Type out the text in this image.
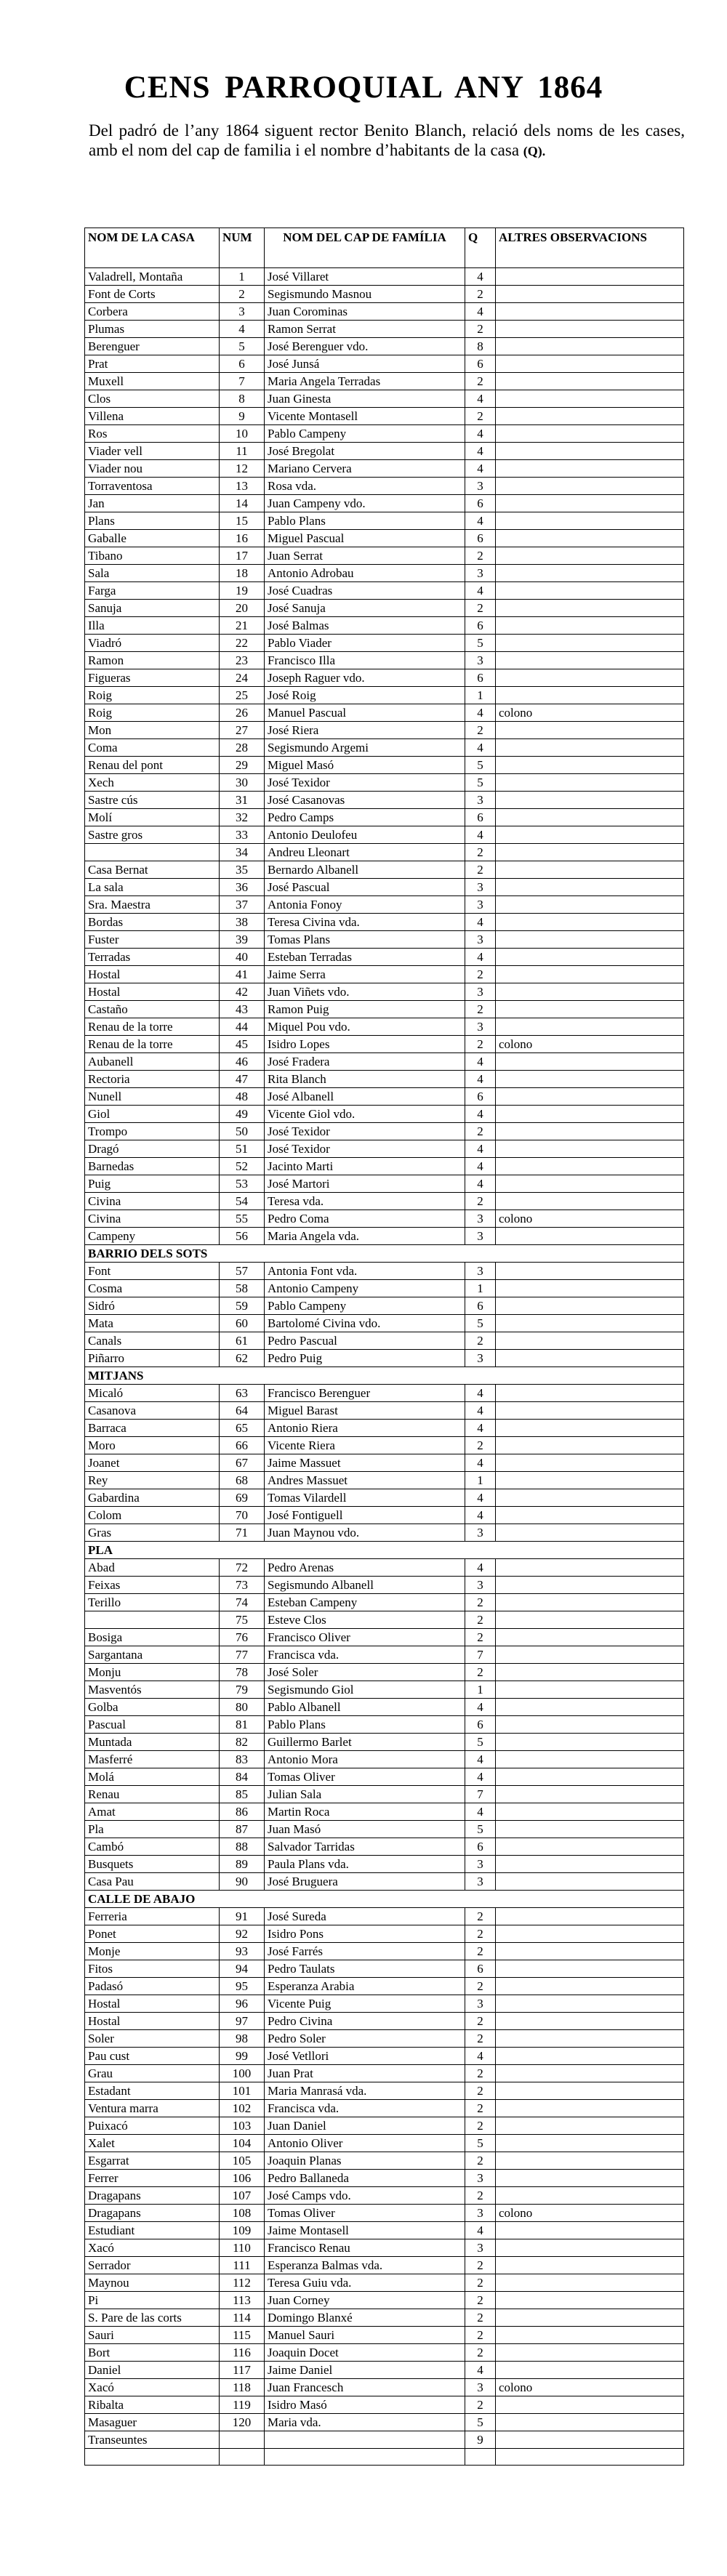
CENS PARROQUIAL ANY 1864

Del padró de l’any 1864 siguent rector Benito Blanch, relació dels noms de les cases, amb el nom del cap de familia i el nombre d’habitants de la casa (Q).

NOM DE LA CASA	NUM	NOM DEL CAP DE FAMÍLIA	Q	ALTRES OBSERVACIONS
Valadrell, Montaña	1	José Villaret	4	
Font de Corts	2	Segismundo Masnou	2	
Corbera	3	Juan Corominas	4	
Plumas	4	Ramon Serrat	2	
Berenguer	5	José Berenguer vdo.	8	
Prat	6	José Junsá	6	
Muxell	7	Maria Angela Terradas	2	
Clos	8	Juan Ginesta	4	
Villena	9	Vicente Montasell	2	
Ros	10	Pablo Campeny	4	
Viader vell	11	José Bregolat	4	
Viader nou	12	Mariano Cervera	4	
Torraventosa	13	Rosa vda.	3	
Jan	14	Juan Campeny vdo.	6	
Plans	15	Pablo Plans	4	
Gaballe	16	Miguel Pascual	6	
Tibano	17	Juan Serrat	2	
Sala	18	Antonio Adrobau	3	
Farga	19	José Cuadras	4	
Sanuja	20	José Sanuja	2	
Illa	21	José Balmas	6	
Viadró	22	Pablo Viader	5	
Ramon	23	Francisco Illa	3	
Figueras	24	Joseph Raguer vdo.	6	
Roig	25	José Roig	1	
Roig	26	Manuel Pascual	4	colono
Mon	27	José Riera	2	
Coma	28	Segismundo Argemi	4	
Renau del pont	29	Miguel Masó	5	
Xech	30	José Texidor	5	
Sastre cús	31	José Casanovas	3	
Molí	32	Pedro Camps	6	
Sastre gros	33	Antonio Deulofeu	4	
	34	Andreu Lleonart	2	
Casa Bernat	35	Bernardo Albanell	2	
La sala	36	José Pascual	3	
Sra. Maestra	37	Antonia Fonoy	3	
Bordas	38	Teresa Civina vda.	4	
Fuster	39	Tomas Plans	3	
Terradas	40	Esteban Terradas	4	
Hostal	41	Jaime Serra	2	
Hostal	42	Juan Viñets vdo.	3	
Castaño	43	Ramon Puig	2	
Renau de la torre	44	Miquel Pou vdo.	3	
Renau de la torre	45	Isidro Lopes	2	colono
Aubanell	46	José Fradera	4	
Rectoria	47	Rita Blanch	4	
Nunell	48	José Albanell	6	
Giol	49	Vicente Giol vdo.	4	
Trompo	50	José Texidor	2	
Dragó	51	José Texidor	4	
Barnedas	52	Jacinto Marti	4	
Puig	53	José Martori	4	
Civina	54	Teresa vda.	2	
Civina	55	Pedro Coma	3	colono
Campeny	56	Maria Angela vda.	3	
BARRIO DELS SOTS				
Font	57	Antonia Font vda.	3	
Cosma	58	Antonio Campeny	1	
Sidró	59	Pablo Campeny	6	
Mata	60	Bartolomé Civina vdo.	5	
Canals	61	Pedro Pascual	2	
Piñarro	62	Pedro Puig	3	
MITJANS				
Micaló	63	Francisco Berenguer	4	
Casanova	64	Miguel Barast	4	
Barraca	65	Antonio Riera	4	
Moro	66	Vicente Riera	2	
Joanet	67	Jaime Massuet	4	
Rey	68	Andres Massuet	1	
Gabardina	69	Tomas Vilardell	4	
Colom	70	José Fontiguell	4	
Gras	71	Juan Maynou vdo.	3	
PLA				
Abad	72	Pedro Arenas	4	
Feixas	73	Segismundo Albanell	3	
Terillo	74	Esteban Campeny	2	
	75	Esteve Clos	2	
Bosiga	76	Francisco Oliver	2	
Sargantana	77	Francisca vda.	7	
Monju	78	José Soler	2	
Masventós	79	Segismundo Giol	1	
Golba	80	Pablo Albanell	4	
Pascual	81	Pablo Plans	6	
Muntada	82	Guillermo Barlet	5	
Masferré	83	Antonio Mora	4	
Molá	84	Tomas Oliver	4	
Renau	85	Julian Sala	7	
Amat	86	Martin Roca	4	
Pla	87	Juan Masó	5	
Cambó	88	Salvador Tarridas	6	
Busquets	89	Paula Plans vda.	3	
Casa Pau	90	José Bruguera	3	
CALLE DE ABAJO				
Ferreria	91	José Sureda	2	
Ponet	92	Isidro Pons	2	
Monje	93	José Farrés	2	
Fitos	94	Pedro Taulats	6	
Padasó	95	Esperanza Arabia	2	
Hostal	96	Vicente Puig	3	
Hostal	97	Pedro Civina	2	
Soler	98	Pedro Soler	2	
Pau cust	99	José Vetllori	4	
Grau	100	Juan Prat	2	
Estadant	101	Maria Manrasá vda.	2	
Ventura marra	102	Francisca vda.	2	
Puixacó	103	Juan Daniel	2	
Xalet	104	Antonio Oliver	5	
Esgarrat	105	Joaquin Planas	2	
Ferrer	106	Pedro Ballaneda	3	
Dragapans	107	José Camps vdo.	2	
Dragapans	108	Tomas Oliver	3	colono
Estudiant	109	Jaime Montasell	4	
Xacó	110	Francisco Renau	3	
Serrador	111	Esperanza Balmas vda.	2	
Maynou	112	Teresa Guiu vda.	2	
Pi	113	Juan Corney	2	
S. Pare de las corts	114	Domingo Blanxé	2	
Sauri	115	Manuel Sauri	2	
Bort	116	Joaquin Docet	2	
Daniel	117	Jaime Daniel	4	
Xacó	118	Juan Francesch	3	colono
Ribalta	119	Isidro Masó	2	
Masaguer	120	Maria vda.	5	
Transeuntes			9	
